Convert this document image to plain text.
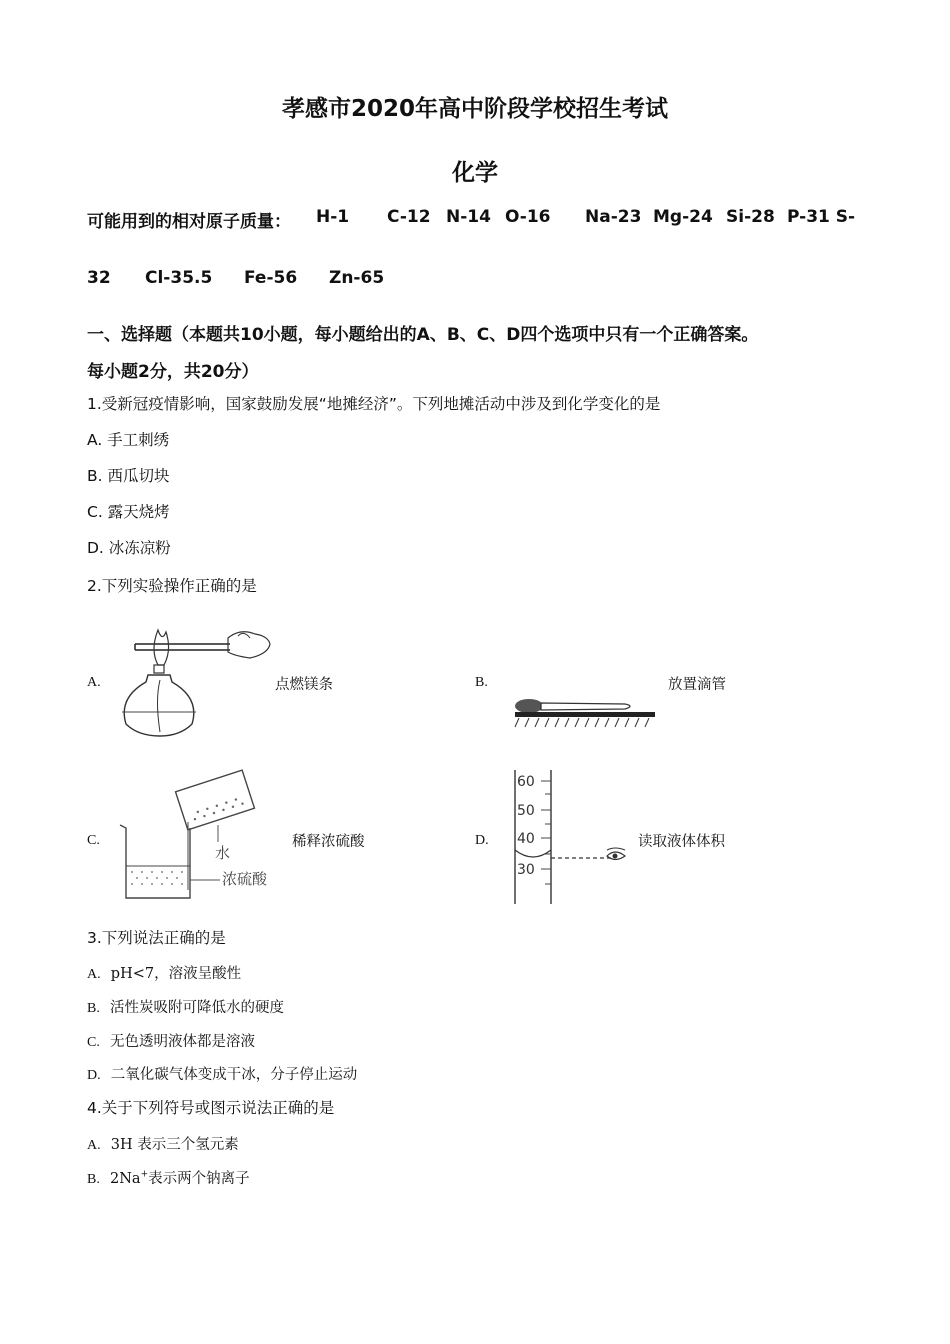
孝感市2020年高中阶段学校招生考试
化学
可能用到的相对原子质量： H-1 C-12 N-14 O-16 Na-23 Mg-24 Si-28 P-31 S-
32 Cl-35.5 Fe-56 Zn-65
一、选择题（本题共10小题，每小题给出的A、B、C、D四个选项中只有一个正确答案。
每小题2分，共20分）
1.受新冠疫情影响，国家鼓励发展“地摊经济”。下列地摊活动中涉及到化学变化的是
A. 手工刺绣
B. 西瓜切块
C. 露天烧烤
D. 冰冻凉粉
2.下列实验操作正确的是
A.	点燃镁条	B.	放置滴管
C.	稀释浓硫酸
水
浓硫酸
D.	读取液体体积
60
50
40
30
3.下列说法正确的是
A. pH<7，溶液呈酸性
B. 活性炭吸附可降低水的硬度
C. 无色透明液体都是溶液
D. 二氧化碳气体变成干冰，分子停止运动
4.关于下列符号或图示说法正确的是
A. 3H 表示三个氢元素
B. 2Na+表示两个钠离子
